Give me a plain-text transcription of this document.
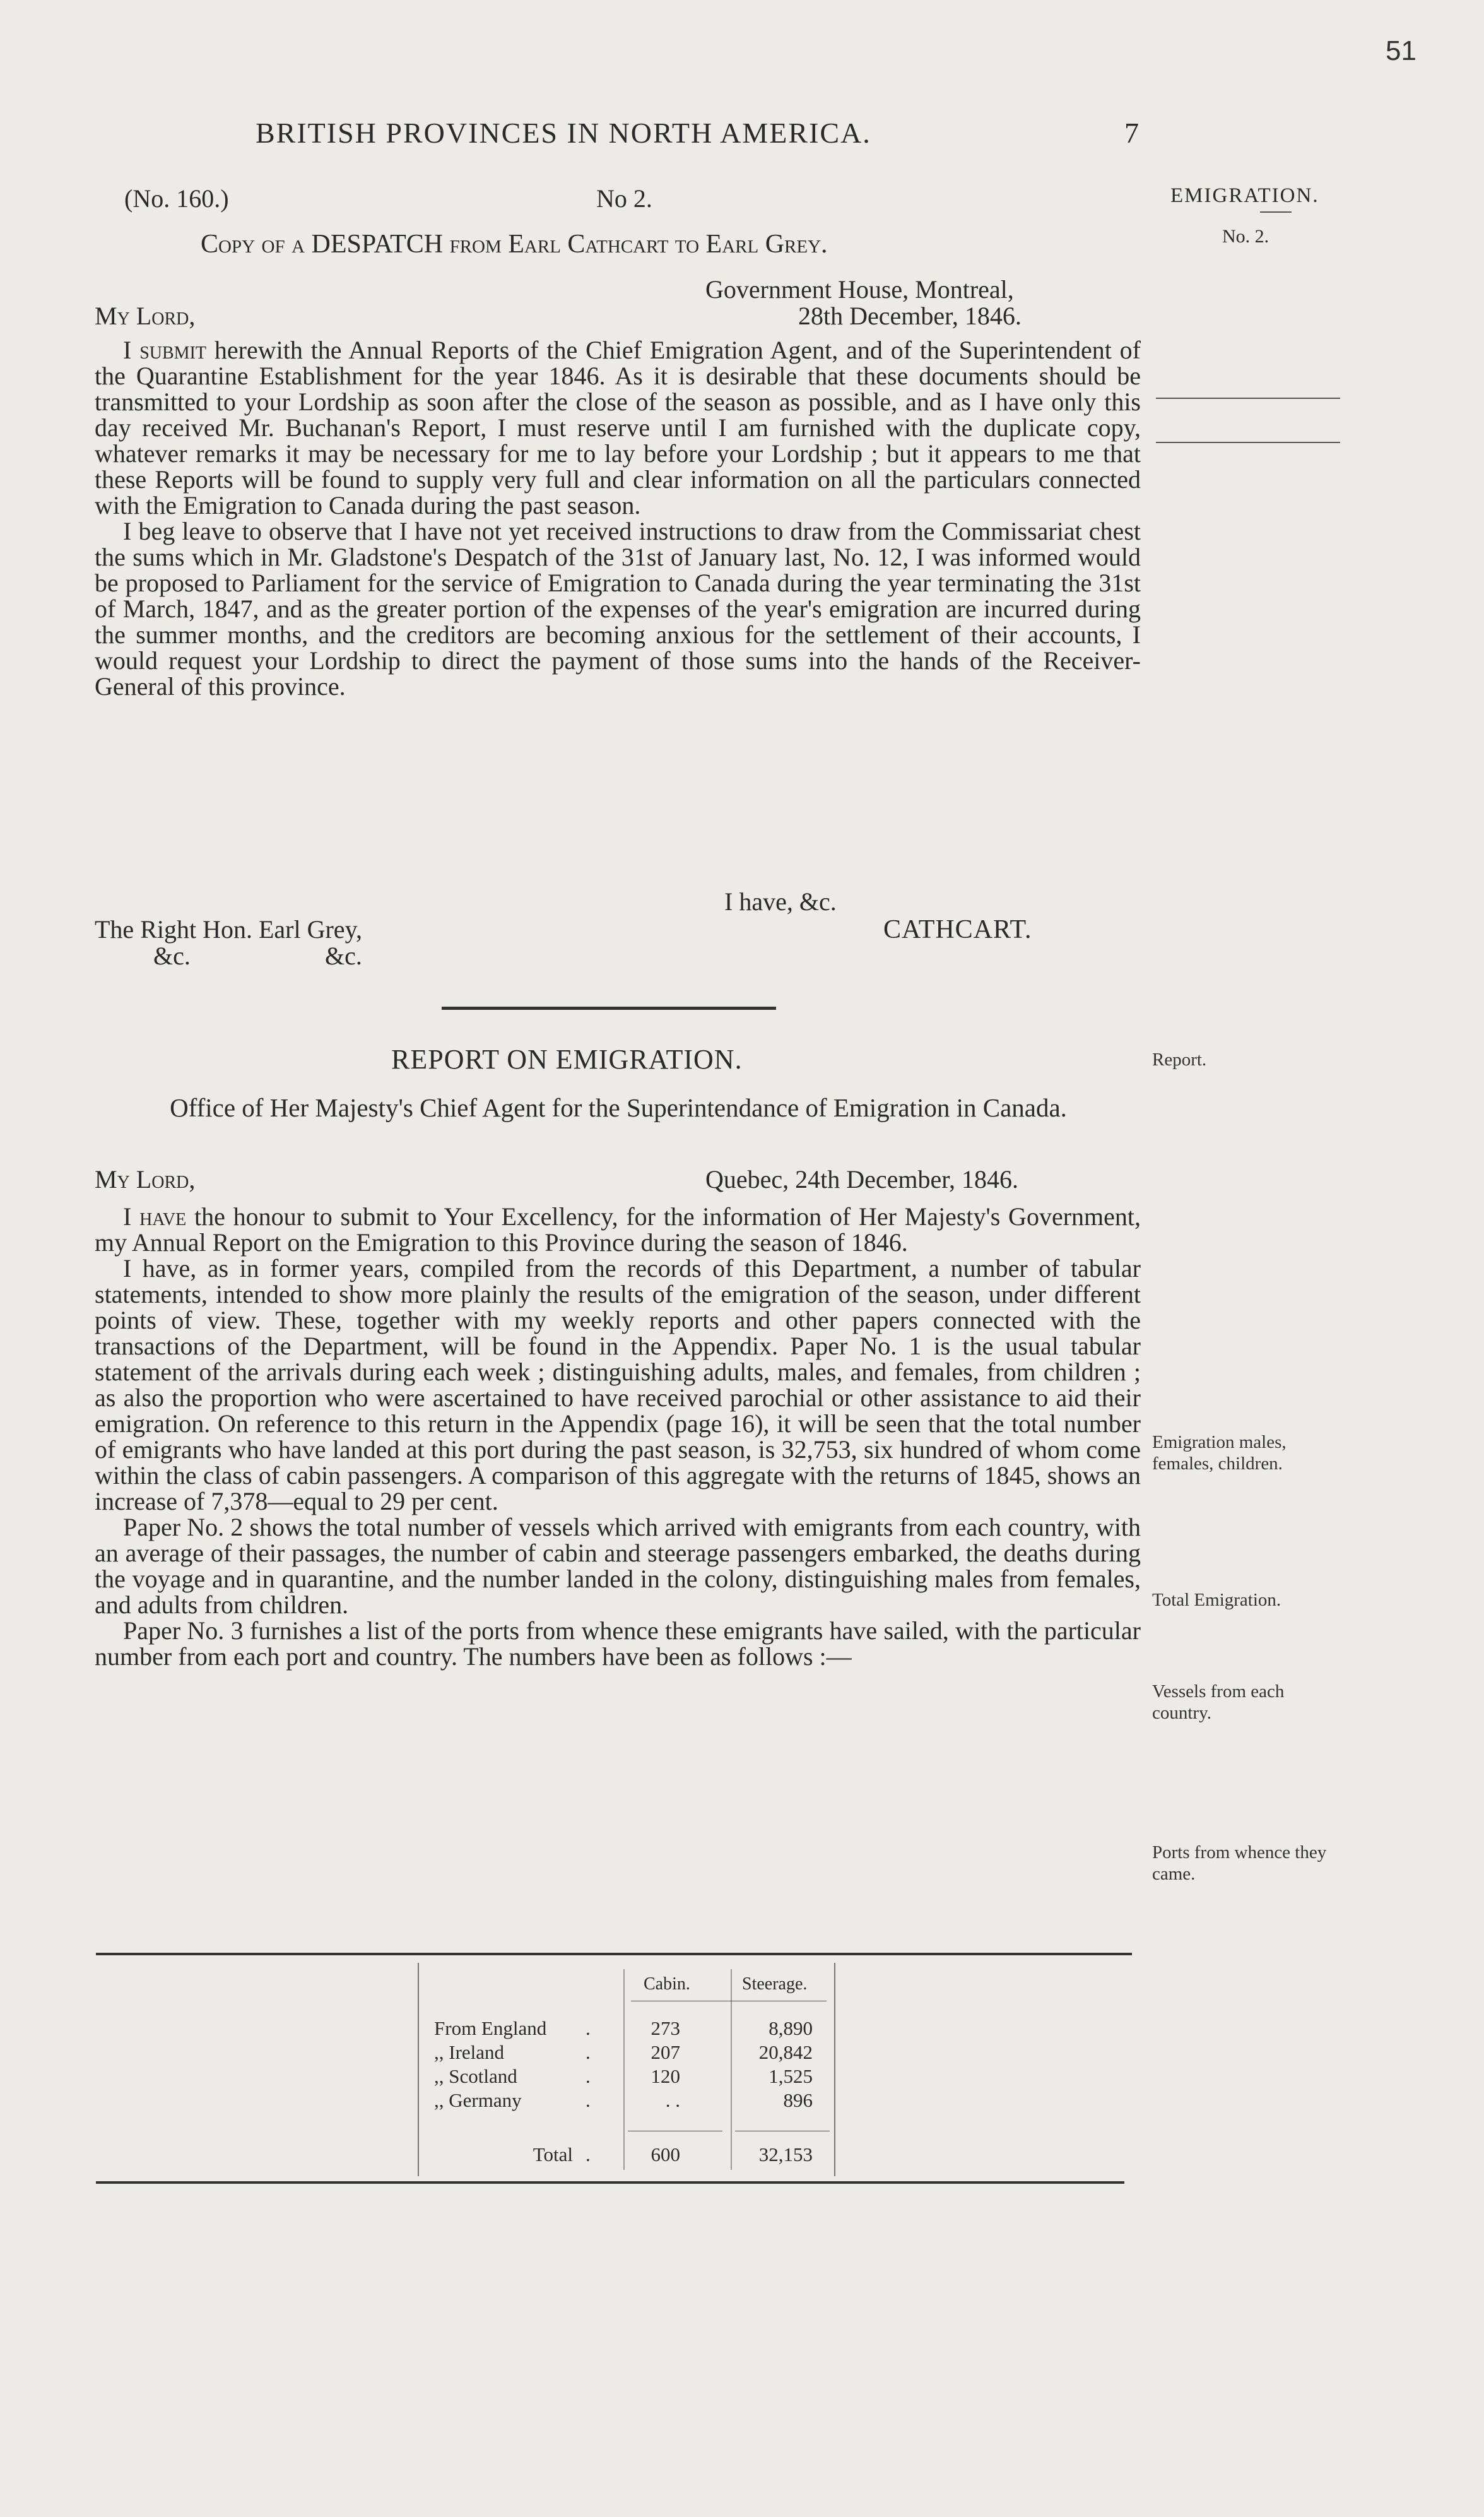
51
BRITISH PROVINCES IN NORTH AMERICA.	7
EMIGRATION.
No. 2.
(No. 160.)	No 2.
Copy of a DESPATCH from Earl Cathcart to Earl Grey.
Government House, Montreal,
My Lord,	28th December, 1846.

I submit herewith the Annual Reports of the Chief Emigration Agent, and of the Superintendent of the Quarantine Establishment for the year 1846. As it is desirable that these documents should be transmitted to your Lordship as soon after the close of the season as possible, and as I have only this day received Mr. Buchanan's Report, I must reserve until I am furnished with the duplicate copy, whatever remarks it may be necessary for me to lay before your Lordship ; but it appears to me that these Reports will be found to supply very full and clear information on all the particulars connected with the Emigration to Canada during the past season.

I beg leave to observe that I have not yet received instructions to draw from the Commissariat chest the sums which in Mr. Gladstone's Despatch of the 31st of January last, No. 12, I was informed would be proposed to Parliament for the service of Emigration to Canada during the year terminating the 31st of March, 1847, and as the greater portion of the expenses of the year's emigration are incurred during the summer months, and the creditors are becoming anxious for the settlement of their accounts, I would request your Lordship to direct the payment of those sums into the hands of the Receiver-General of this province.

I have, &c.
The Right Hon. Earl Grey,	CATHCART.
&c.	&c.
REPORT ON EMIGRATION.	Report.
Office of Her Majesty's Chief Agent for the Superintendance of Emigration in Canada.
My Lord,	Quebec, 24th December, 1846.

I have the honour to submit to Your Excellency, for the information of Her Majesty's Government, my Annual Report on the Emigration to this Province during the season of 1846.

I have, as in former years, compiled from the records of this Department, a number of tabular statements, intended to show more plainly the results of the emigration of the season, under different points of view. These, together with my weekly reports and other papers connected with the transactions of the Department, will be found in the Appendix. Paper No. 1 is the usual tabular statement of the arrivals during each week ; distinguishing adults, males, and females, from children ; as also the proportion who were ascertained to have received parochial or other assistance to aid their emigration. On reference to this return in the Appendix (page 16), it will be seen that the total number of emigrants who have landed at this port during the past season, is 32,753, six hundred of whom come within the class of cabin passengers. A comparison of this aggregate with the returns of 1845, shows an increase of 7,378—equal to 29 per cent.

Paper No. 2 shows the total number of vessels which arrived with emigrants from each country, with an average of their passages, the number of cabin and steerage passengers embarked, the deaths during the voyage and in quarantine, and the number landed in the colony, distinguishing males from females, and adults from children.

Paper No. 3 furnishes a list of the ports from whence these emigrants have sailed, with the particular number from each port and country. The numbers have been as follows :—

Emigration males, females, children.
Total Emigration.
Vessels from each country.
Ports from whence they came.
Cabin.	Steerage.
From England	.	273	8,890
,, Ireland	.	207	20,842
,, Scotland	.	120	1,525
,, Germany	.	. .	896
Total .	600	32,153
